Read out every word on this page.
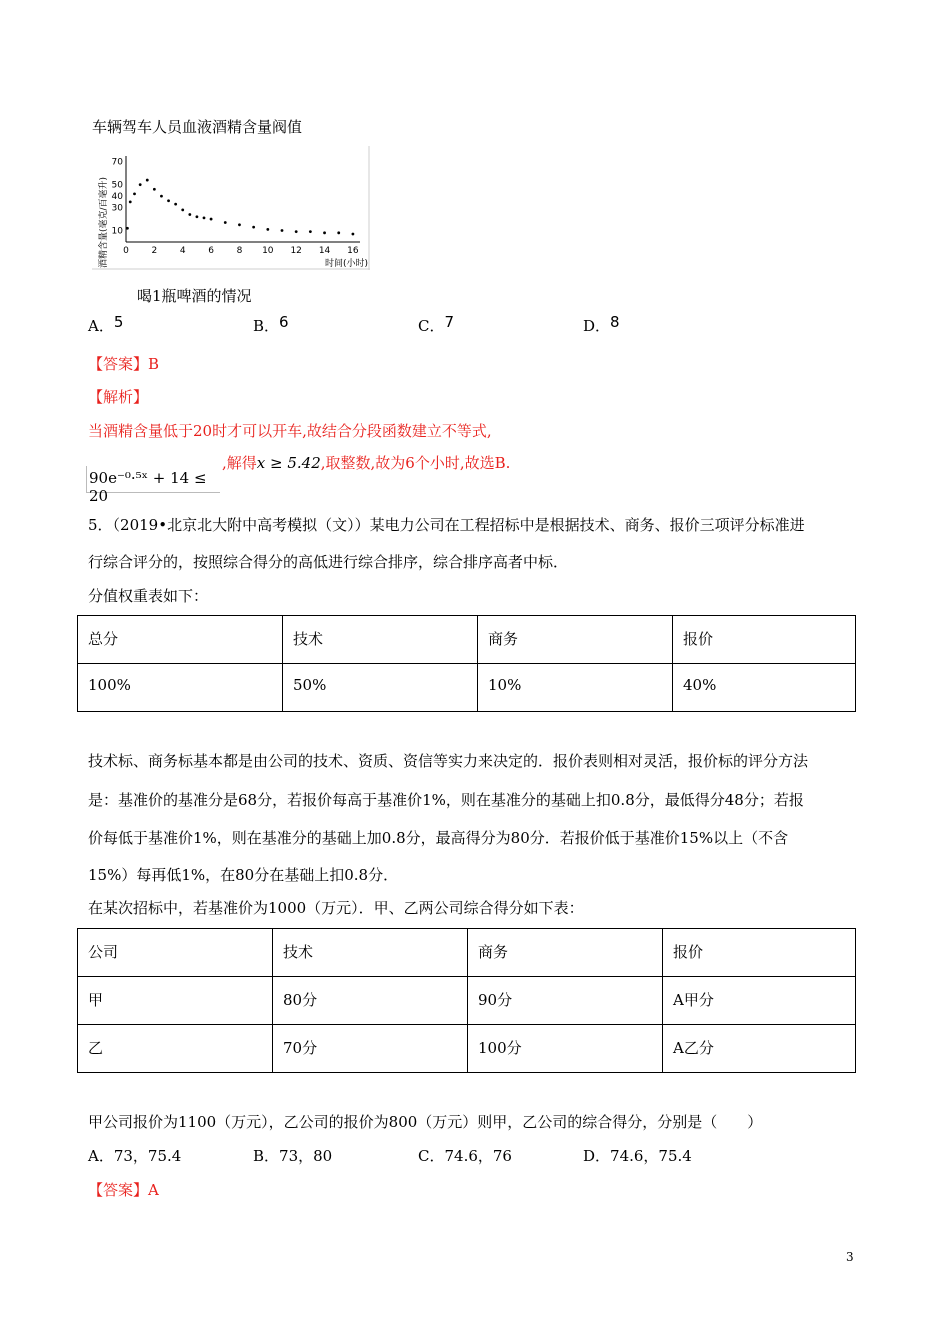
车辆驾车人员血液酒精含量阀值
酒精含量(毫克/百毫升) 0	2	4	6	8 10 12 14 16
10
30
40
50
70
时间(小时)
喝1瓶啤酒的情况
A．5	B．6	C．7	D．8
【答案】B
【解析】
当酒精含量低于20时才可以开车,故结合分段函数建立不等式,
90e⁻⁰·⁵ˣ + 14 ≤ 20
,解得x ≥ 5.42,取整数,故为6个小时,故选B.
5．（2019•北京北大附中高考模拟（文））某电力公司在工程招标中是根据技术、商务、报价三项评分标准进
行综合评分的，按照综合得分的高低进行综合排序，综合排序高者中标．
分值权重表如下：
总分	技术	商务	报价
100%	50%	10%	40%
技术标、商务标基本都是由公司的技术、资质、资信等实力来决定的．报价表则相对灵活，报价标的评分方法
是：基准价的基准分是68分，若报价每高于基准价1%，则在基准分的基础上扣0.8分，最低得分48分；若报
价每低于基准价1%，则在基准分的基础上加0.8分，最高得分为80分．若报价低于基准价15%以上（不含
15%）每再低1%，在80分在基础上扣0.8分．
在某次招标中，若基准价为1000（万元）．甲、乙两公司综合得分如下表：
公司	技术	商务	报价
甲	80分	90分	A甲分
乙	70分	100分	A乙分
甲公司报价为1100（万元），乙公司的报价为800（万元）则甲，乙公司的综合得分，分别是（　　）
A．73，75.4	B．73，80	C．74.6，76	D．74.6，75.4
【答案】A
3
